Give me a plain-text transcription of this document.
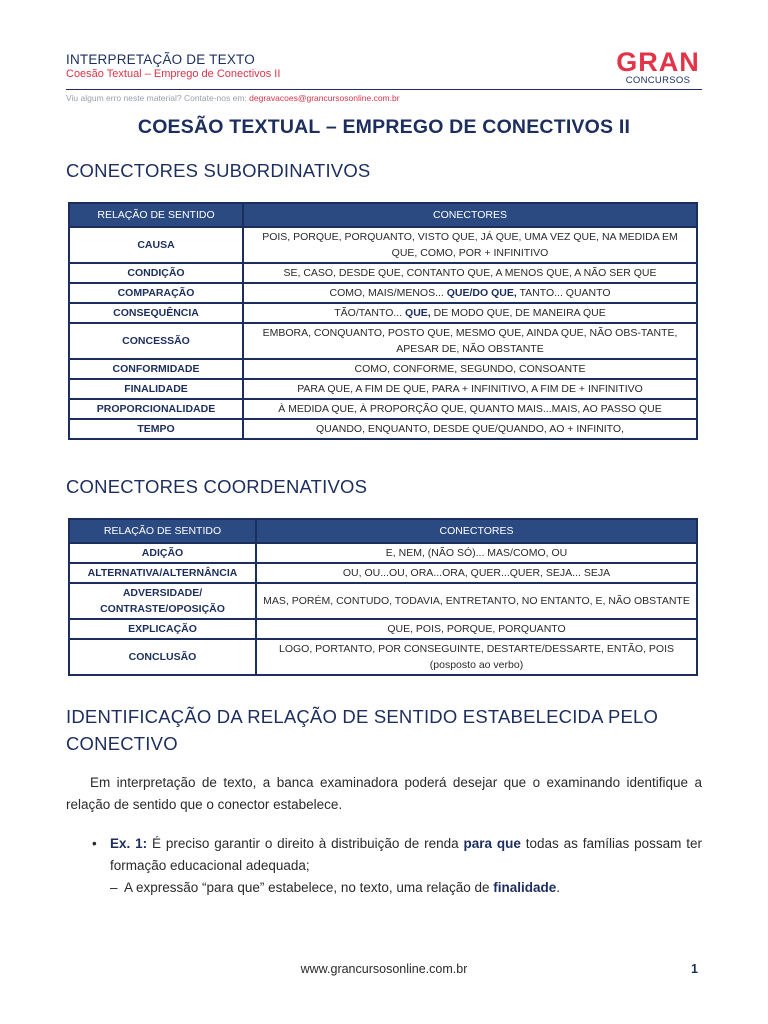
INTERPRETAÇÃO DE TEXTO
Coesão Textual – Emprego de Conectivos II	GRAN
CONCURSOS
Viu algum erro neste material? Contate-nos em: degravacoes@grancursosonline.com.br
COESÃO TEXTUAL – EMPREGO DE CONECTIVOS II
CONECTORES SUBORDINATIVOS
RELAÇÃO DE SENTIDO	CONECTORES
CAUSA	POIS, PORQUE, PORQUANTO, VISTO QUE, JÁ QUE, UMA VEZ QUE, NA MEDIDA EM QUE, COMO, POR + INFINITIVO
CONDIÇÃO	SE, CASO, DESDE QUE, CONTANTO QUE, A MENOS QUE, A NÃO SER QUE
COMPARAÇÃO	COMO, MAIS/MENOS... QUE/DO QUE, TANTO... QUANTO
CONSEQUÊNCIA	TÃO/TANTO... QUE, DE MODO QUE, DE MANEIRA QUE
CONCESSÃO	EMBORA, CONQUANTO, POSTO QUE, MESMO QUE, AINDA QUE, NÃO OBS-TANTE, APESAR DE, NÃO OBSTANTE
CONFORMIDADE	COMO, CONFORME, SEGUNDO, CONSOANTE
FINALIDADE	PARA QUE, A FIM DE QUE, PARA + INFINITIVO, A FIM DE + INFINITIVO
PROPORCIONALIDADE	À MEDIDA QUE, À PROPORÇÃO QUE, QUANTO MAIS...MAIS, AO PASSO QUE
TEMPO	QUANDO, ENQUANTO, DESDE QUE/QUANDO, AO + INFINITO,
CONECTORES COORDENATIVOS
RELAÇÃO DE SENTIDO	CONECTORES
ADIÇÃO	E, NEM, (NÃO SÓ)... MAS/COMO, OU
ALTERNATIVA/ALTERNÂNCIA	OU, OU...OU, ORA...ORA, QUER...QUER, SEJA... SEJA
ADVERSIDADE/ CONTRASTE/OPOSIÇÃO	MAS, PORÉM, CONTUDO, TODAVIA, ENTRETANTO, NO ENTANTO, E, NÃO OBSTANTE
EXPLICAÇÃO	QUE, POIS, PORQUE, PORQUANTO
CONCLUSÃO	LOGO, PORTANTO, POR CONSEGUINTE, DESTARTE/DESSARTE, ENTÃO, POIS (posposto ao verbo)
IDENTIFICAÇÃO DA RELAÇÃO DE SENTIDO ESTABELECIDA PELO CONECTIVO
Em interpretação de texto, a banca examinadora poderá desejar que o examinando identifique a relação de sentido que o conector estabelece.
• Ex. 1: É preciso garantir o direito à distribuição de renda para que todas as famílias possam ter formação educacional adequada;
– A expressão “para que” estabelece, no texto, uma relação de finalidade.
www.grancursosonline.com.br	1
